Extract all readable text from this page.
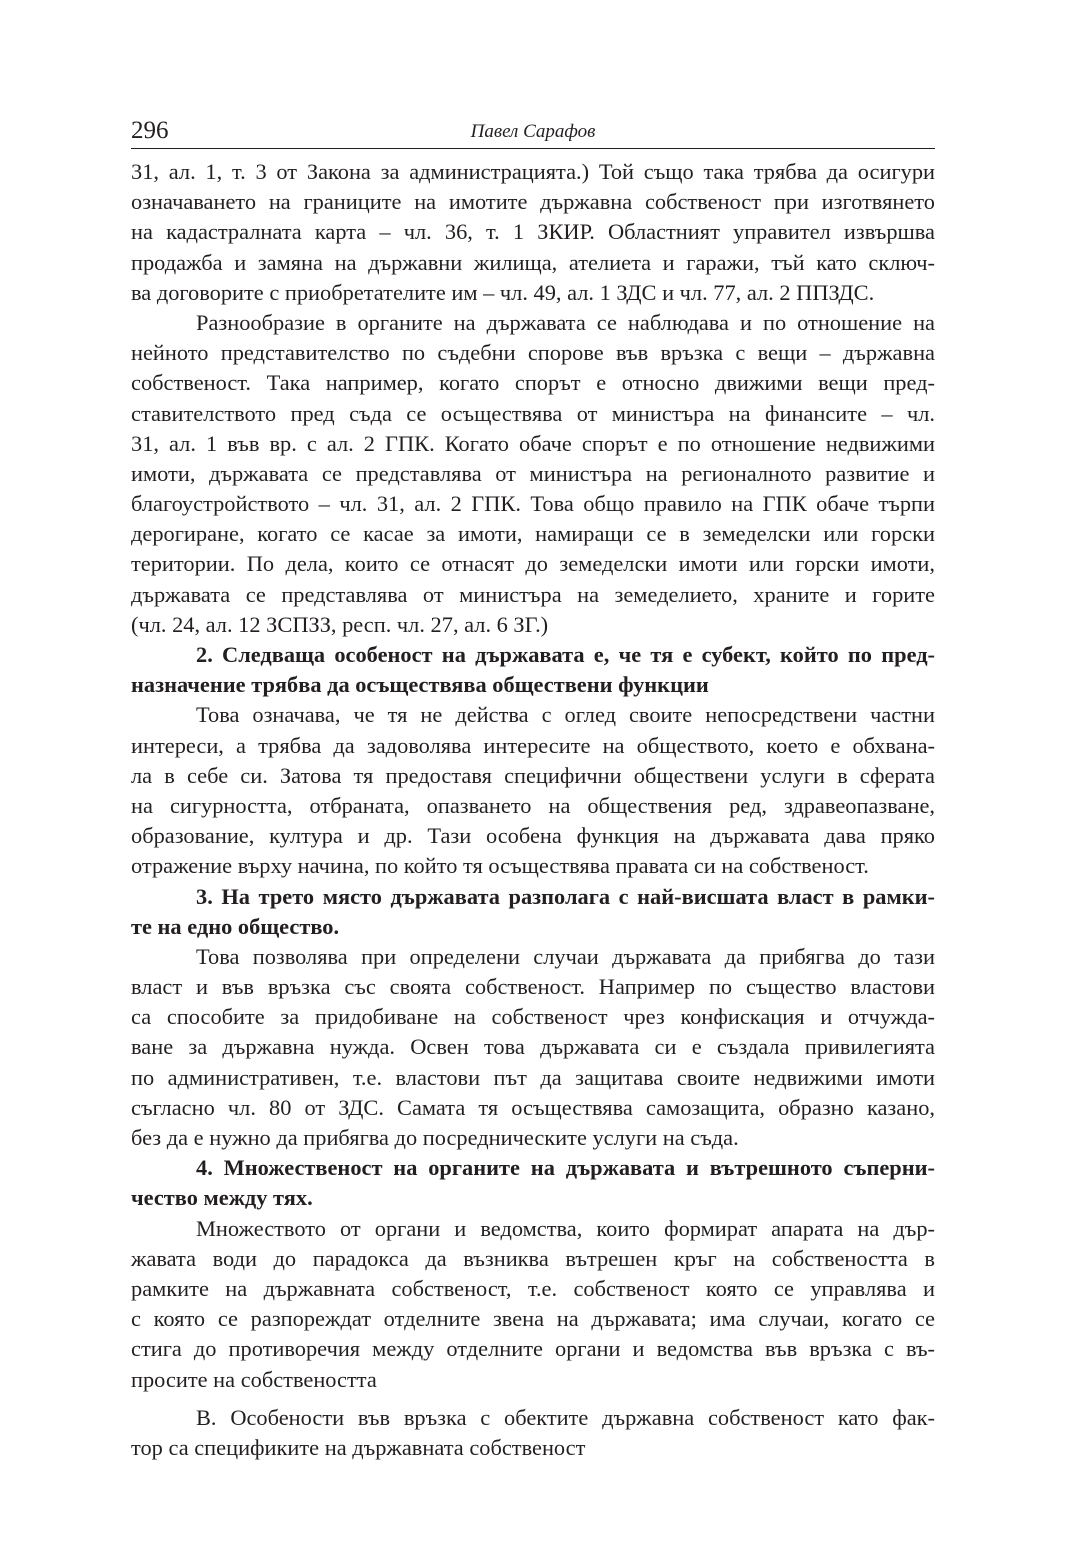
296	Павел Сарафов
31, ал. 1, т. 3 от Закона за администрацията.) Той също така трябва да осигури
означаването на границите на имотите държавна собственост при изготвянето
на кадастралната карта – чл. 36, т. 1 ЗКИР. Областният управител извършва
продажба и замяна на държавни жилища, ателиета и гаражи, тъй като сключ-
ва договорите с приобретателите им – чл. 49, ал. 1 ЗДС и чл. 77, ал. 2 ППЗДС.
Разнообразие в органите на държавата се наблюдава и по отношение на
нейното представителство по съдебни спорове във връзка с вещи – държавна
собственост. Така например, когато спорът е относно движими вещи пред-
ставителството пред съда се осъществява от министъра на финансите – чл.
31, ал. 1 във вр. с ал. 2 ГПК. Когато обаче спорът е по отношение недвижими
имоти, държавата се представлява от министъра на регионалното развитие и
благоустройството – чл. 31, ал. 2 ГПК. Това общо правило на ГПК обаче търпи
дерогиране, когато се касае за имоти, намиращи се в земеделски или горски
територии. По дела, които се отнасят до земеделски имоти или горски имоти,
държавата се представлява от министъра на земеделието, храните и горите
(чл. 24, ал. 12 ЗСПЗЗ, респ. чл. 27, ал. 6 ЗГ.)
2. Следваща особеност на държавата е, че тя е субект, който по пред-
назначение трябва да осъществява обществени функции
Това означава, че тя не действа с оглед своите непосредствени частни
интереси, а трябва да задоволява интересите на обществото, което е обхвана-
ла в себе си. Затова тя предоставя специфични обществени услуги в сферата
на сигурността, отбраната, опазването на обществения ред, здравеопазване,
образование, култура и др. Тази особена функция на държавата дава пряко
отражение върху начина, по който тя осъществява правата си на собственост.
3. На трето място държавата разполага с най-висшата власт в рамки-
те на едно общество.
Това позволява при определени случаи държавата да прибягва до тази
власт и във връзка със своята собственост. Например по същество властови
са способите за придобиване на собственост чрез конфискация и отчужда-
ване за държавна нужда. Освен това държавата си е създала привилегията
по административен, т.е. властови път да защитава своите недвижими имоти
съгласно чл. 80 от ЗДС. Самата тя осъществява самозащита, образно казано,
без да е нужно да прибягва до посредническите услуги на съда.
4. Множественост на органите на държавата и вътрешното съперни-
чество между тях.
Множеството от органи и ведомства, които формират апарата на дър-
жавата води до парадокса да възниква вътрешен кръг на собствеността в
рамките на държавната собственост, т.е. собственост която се управлява и
с която се разпореждат отделните звена на държавата; има случаи, когато се
стига до противоречия между отделните органи и ведомства във връзка с въ-
просите на собствеността
В. Особености във връзка с обектите държавна собственост като фак-
тор са спецификите на държавната собственост
